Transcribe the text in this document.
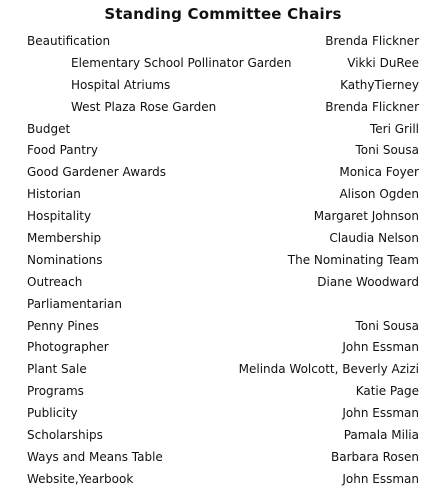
Standing Committee Chairs
Beautification	Brenda Flickner
Elementary School Pollinator Garden	Vikki DuRee
Hospital Atriums	KathyTierney
West Plaza Rose Garden	Brenda Flickner
Budget	Teri Grill
Food Pantry	Toni Sousa
Good Gardener Awards	Monica Foyer
Historian	Alison Ogden
Hospitality	Margaret Johnson
Membership	Claudia Nelson
Nominations	The Nominating Team
Outreach	Diane Woodward
Parliamentarian
Penny Pines	Toni Sousa
Photographer	John Essman
Plant Sale	Melinda Wolcott, Beverly Azizi
Programs	Katie Page
Publicity	John Essman
Scholarships	Pamala Milia
Ways and Means Table	Barbara Rosen
Website,Yearbook	John Essman
